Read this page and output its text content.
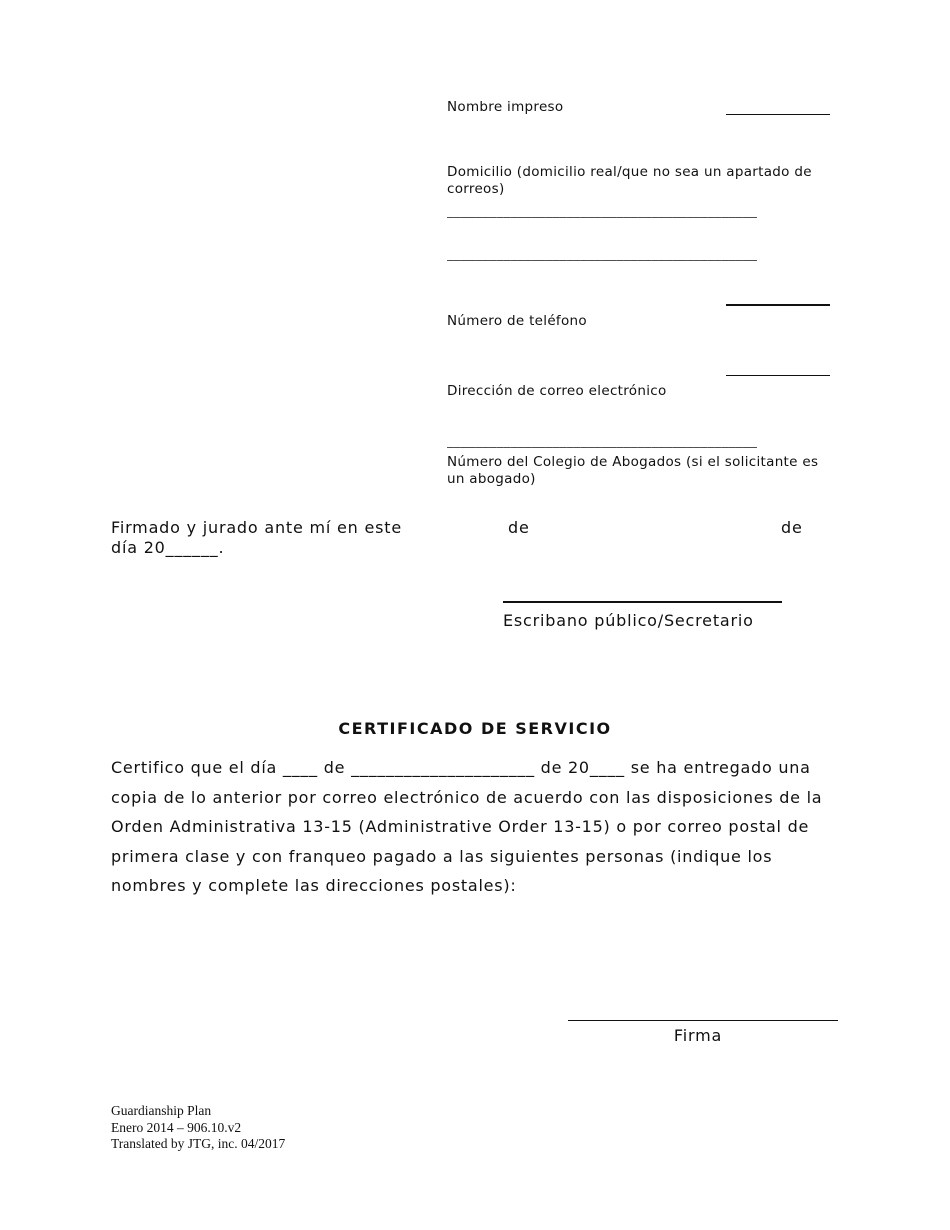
Nombre impreso
Domicilio (domicilio real/que no sea un apartado de correos)
____________________________________________
____________________________________________
Número de teléfono
Dirección de correo electrónico
____________________________________________
Número del Colegio de Abogados (si el solicitante es un abogado)
Firmado y jurado ante mí en este día 20______.
de	de
Escribano público/Secretario
CERTIFICADO DE SERVICIO
Certifico que el día ____ de _____________________ de 20____ se ha entregado una copia de lo anterior por correo electrónico de acuerdo con las disposiciones de la Orden Administrativa 13-15 (Administrative Order 13-15) o por correo postal de primera clase y con franqueo pagado a las siguientes personas (indique los nombres y complete las direcciones postales):
Firma
Guardianship Plan
Enero 2014 – 906.10.v2
Translated by JTG, inc. 04/2017
